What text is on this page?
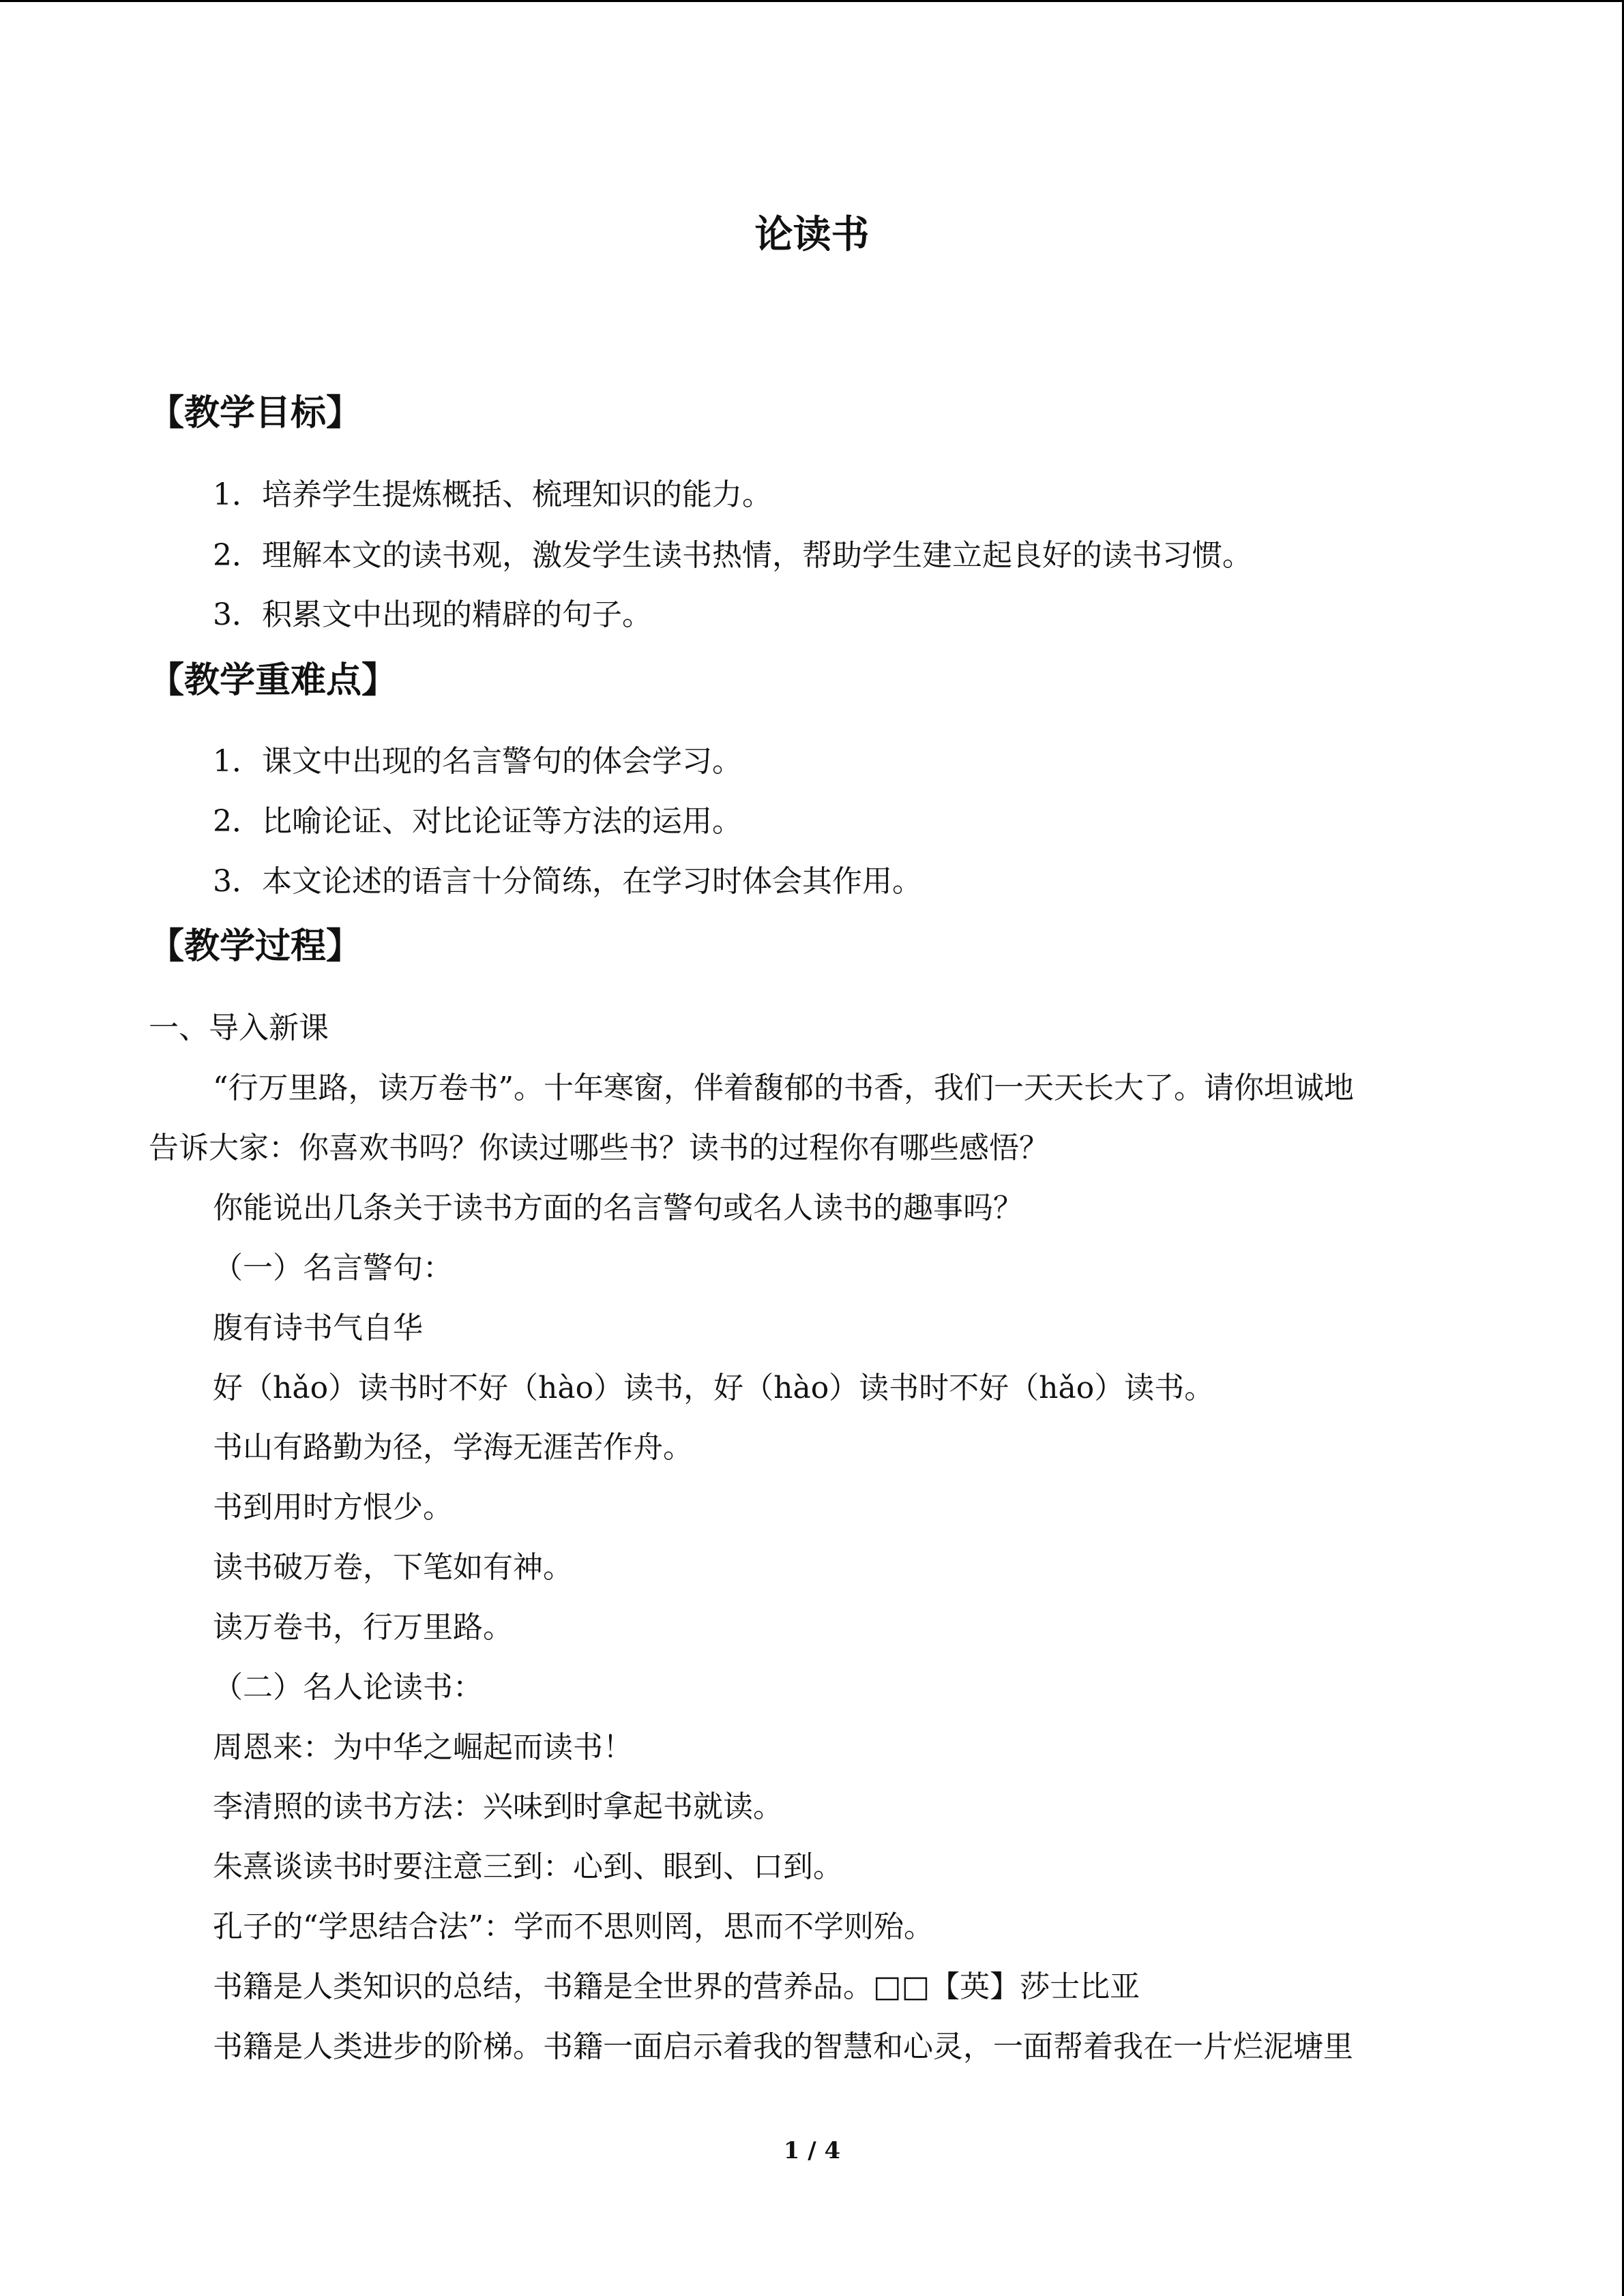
论读书
【教学目标】
1．培养学生提炼概括、梳理知识的能力。
2．理解本文的读书观，激发学生读书热情，帮助学生建立起良好的读书习惯。
3．积累文中出现的精辟的句子。
【教学重难点】
1．课文中出现的名言警句的体会学习。
2．比喻论证、对比论证等方法的运用。
3．本文论述的语言十分简练，在学习时体会其作用。
【教学过程】
一、导入新课
“行万里路，读万卷书”。十年寒窗，伴着馥郁的书香，我们一天天长大了。请你坦诚地
告诉大家：你喜欢书吗？你读过哪些书？读书的过程你有哪些感悟？
你能说出几条关于读书方面的名言警句或名人读书的趣事吗？
（一）名言警句：
腹有诗书气自华
好（hǎo）读书时不好（hào）读书，好（hào）读书时不好（hǎo）读书。
书山有路勤为径，学海无涯苦作舟。
书到用时方恨少。
读书破万卷，下笔如有神。
读万卷书，行万里路。
（二）名人论读书：
周恩来：为中华之崛起而读书！
李清照的读书方法：兴味到时拿起书就读。
朱熹谈读书时要注意三到：心到、眼到、口到。
孔子的“学思结合法”：学而不思则罔，思而不学则殆。
书籍是人类知识的总结，书籍是全世界的营养品。□□【英】莎士比亚
书籍是人类进步的阶梯。书籍一面启示着我的智慧和心灵，一面帮着我在一片烂泥塘里
1 / 4
